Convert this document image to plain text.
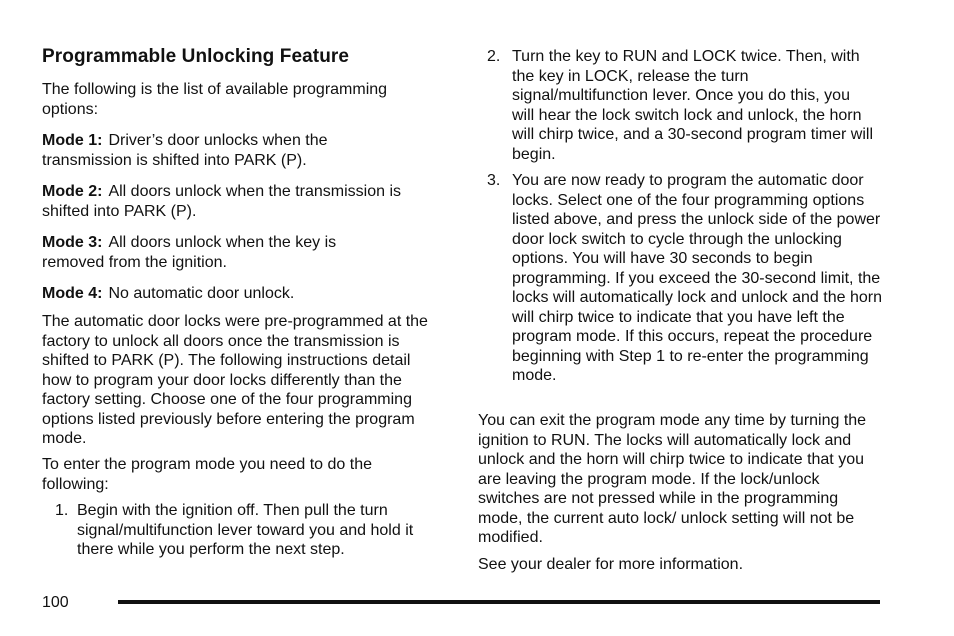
Programmable Unlocking Feature

The following is the list of available programming options:

Mode 1: Driver’s door unlocks when the transmission is shifted into PARK (P).

Mode 2: All doors unlock when the transmission is shifted into PARK (P).

Mode 3: All doors unlock when the key is removed from the ignition.

Mode 4: No automatic door unlock.

The automatic door locks were pre-programmed at the factory to unlock all doors once the transmission is shifted to PARK (P). The following instructions detail how to program your door locks differently than the factory setting. Choose one of the four programming options listed previously before entering the program mode.

To enter the program mode you need to do the following:

1. Begin with the ignition off. Then pull the turn signal/multifunction lever toward you and hold it there while you perform the next step.
2. Turn the key to RUN and LOCK twice. Then, with the key in LOCK, release the turn signal/multifunction lever. Once you do this, you will hear the lock switch lock and unlock, the horn will chirp twice, and a 30-second program timer will begin.
3. You are now ready to program the automatic door locks. Select one of the four programming options listed above, and press the unlock side of the power door lock switch to cycle through the unlocking options. You will have 30 seconds to begin programming. If you exceed the 30-second limit, the locks will automatically lock and unlock and the horn will chirp twice to indicate that you have left the program mode. If this occurs, repeat the procedure beginning with Step 1 to re-enter the programming mode.

You can exit the program mode any time by turning the ignition to RUN. The locks will automatically lock and unlock and the horn will chirp twice to indicate that you are leaving the program mode. If the lock/unlock switches are not pressed while in the programming mode, the current auto lock/ unlock setting will not be modified.

See your dealer for more information.

100
